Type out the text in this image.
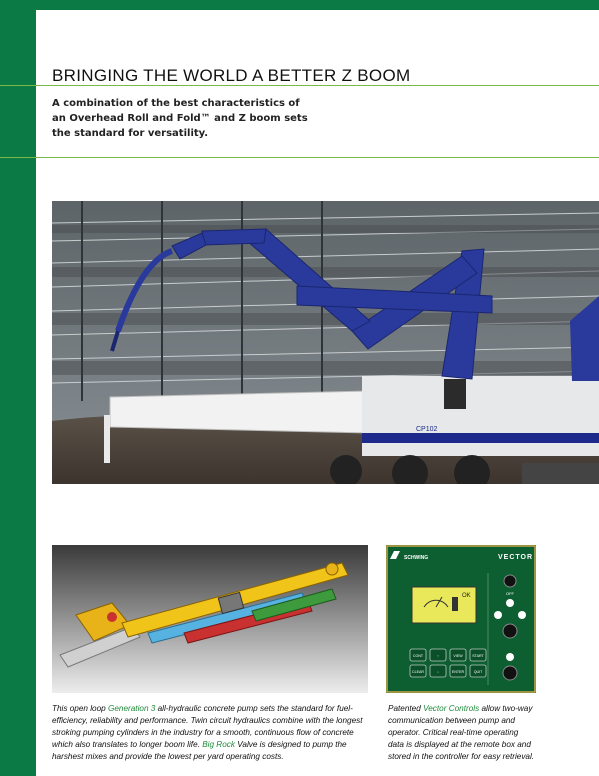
BRINGING THE WORLD A BETTER Z BOOM

A combination of the best characteristics of an Overhead Roll and Fold™ and Z boom sets the standard for versatility.

CP102
SCHWING	VECTOR
OK
CONT	↑	VIEW	START
CLEAR	↓	ENTER	QUIT
OFF

This open loop Generation 3 all-hydraulic concrete pump sets the standard for fuel-efficiency, reliability and performance. Twin circuit hydraulics combine with the longest stroking pumping cylinders in the industry for a smooth, continuous flow of concrete which also translates to longer boom life. Big Rock Valve is designed to pump the harshest mixes and provide the lowest per yard operating costs.

Patented Vector Controls allow two-way communication between pump and operator. Critical real-time operating data is displayed at the remote box and stored in the controller for easy retrieval.
